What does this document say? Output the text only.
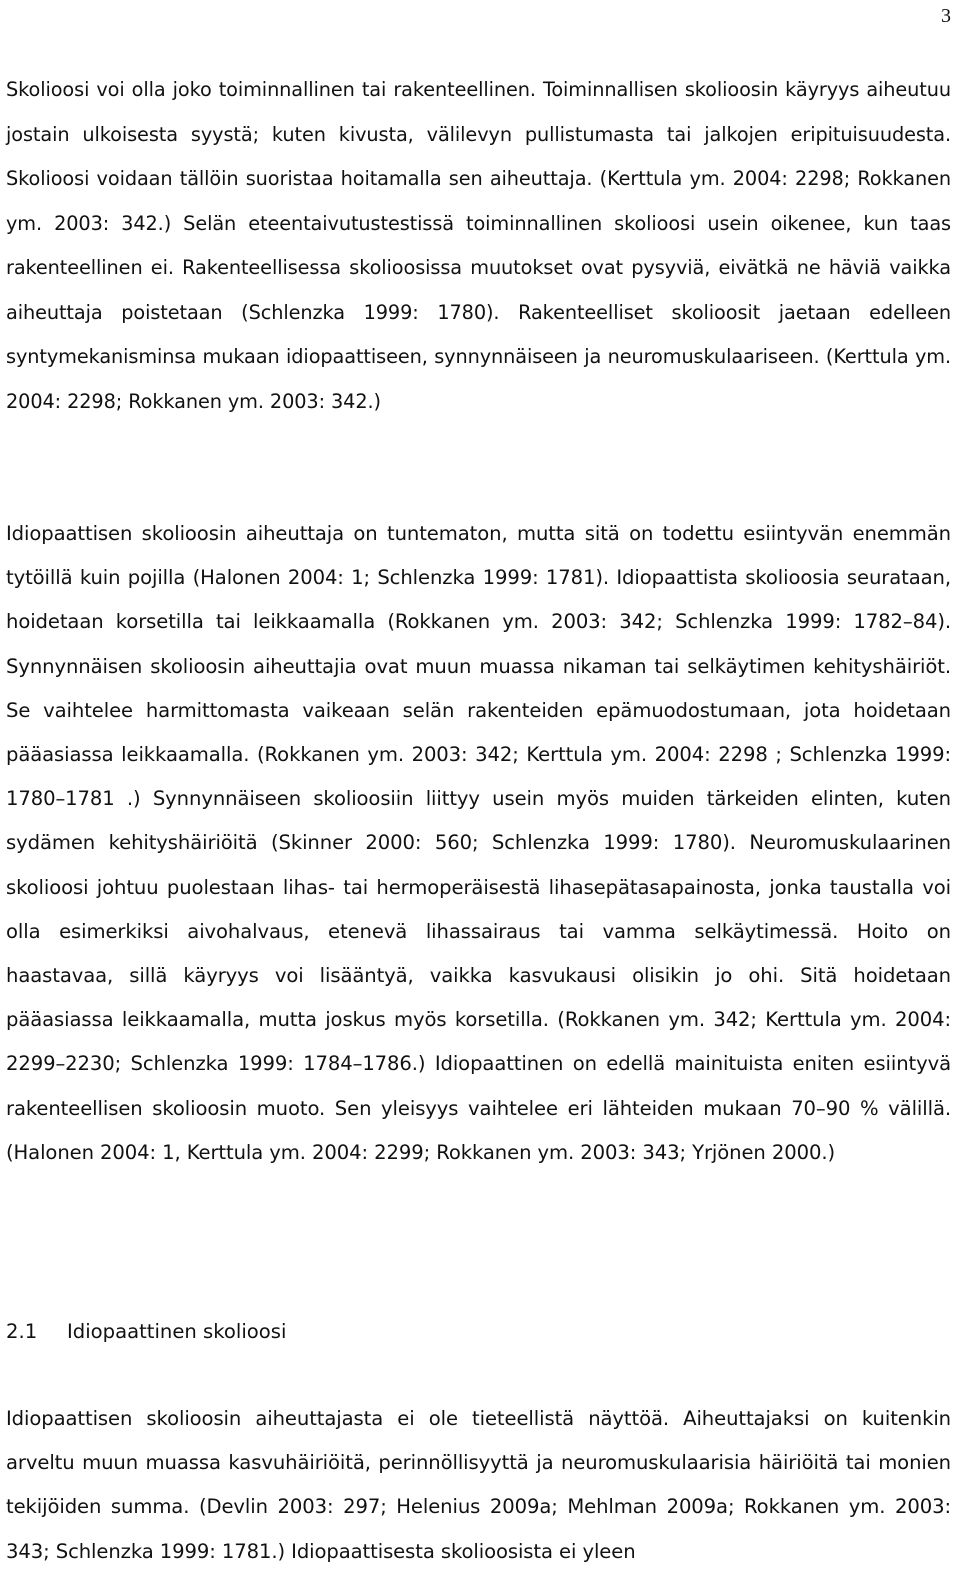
3

Skolioosi voi olla joko toiminnallinen tai rakenteellinen. Toiminnallisen skolioosin käyryys aiheutuu jostain ulkoisesta syystä; kuten kivusta, välilevyn pullistumasta tai jalkojen eripituisuudesta. Skolioosi voidaan tällöin suoristaa hoitamalla sen aiheuttaja. (Kerttula ym. 2004: 2298; Rokkanen ym. 2003: 342.) Selän eteentaivutustestissä toiminnallinen skolioosi usein oikenee, kun taas rakenteellinen ei. Rakenteellisessa skolioosissa muutokset ovat pysyviä, eivätkä ne häviä vaikka aiheuttaja poistetaan (Schlenzka 1999: 1780). Rakenteelliset skolioosit jaetaan edelleen syntymekanisminsa mukaan idiopaattiseen, synnynnäiseen ja neuromuskulaariseen. (Kerttula ym. 2004: 2298; Rokkanen ym. 2003: 342.)

Idiopaattisen skolioosin aiheuttaja on tuntematon, mutta sitä on todettu esiintyvän enemmän tytöillä kuin pojilla (Halonen 2004: 1; Schlenzka 1999: 1781). Idiopaattista skolioosia seurataan, hoidetaan korsetilla tai leikkaamalla (Rokkanen ym. 2003: 342; Schlenzka 1999: 1782–84). Synnynnäisen skolioosin aiheuttajia ovat muun muassa nikaman tai selkäytimen kehityshäiriöt. Se vaihtelee harmittomasta vaikeaan selän rakenteiden epämuodostumaan, jota hoidetaan pääasiassa leikkaamalla. (Rokkanen ym. 2003: 342; Kerttula ym. 2004: 2298 ; Schlenzka 1999: 1780–1781 .) Synnynnäiseen skolioosiin liittyy usein myös muiden tärkeiden elinten, kuten sydämen kehityshäiriöitä (Skinner 2000: 560; Schlenzka 1999: 1780). Neuromuskulaarinen skolioosi johtuu puolestaan lihas- tai hermoperäisestä lihasepätasapainosta, jonka taustalla voi olla esimerkiksi aivohalvaus, etenevä lihassairaus tai vamma selkäytimessä. Hoito on haastavaa, sillä käyryys voi lisääntyä, vaikka kasvukausi olisikin jo ohi. Sitä hoidetaan pääasiassa leikkaamalla, mutta joskus myös korsetilla. (Rokkanen ym. 342; Kerttula ym. 2004: 2299–2230; Schlenzka 1999: 1784–1786.) Idiopaattinen on edellä mainituista eniten esiintyvä rakenteellisen skolioosin muoto. Sen yleisyys vaihtelee eri lähteiden mukaan 70–90 % välillä. (Halonen 2004: 1, Kerttula ym. 2004: 2299; Rokkanen ym. 2003: 343; Yrjönen 2000.)

2.1 Idiopaattinen skolioosi

Idiopaattisen skolioosin aiheuttajasta ei ole tieteellistä näyttöä. Aiheuttajaksi on kuitenkin arveltu muun muassa kasvuhäiriöitä, perinnöllisyyttä ja neuromuskulaarisia häiriöitä tai monien tekijöiden summa. (Devlin 2003: 297; Helenius 2009a; Mehlman 2009a; Rokkanen ym. 2003: 343; Schlenzka 1999: 1781.) Idiopaattisesta skolioosista ei yleen
